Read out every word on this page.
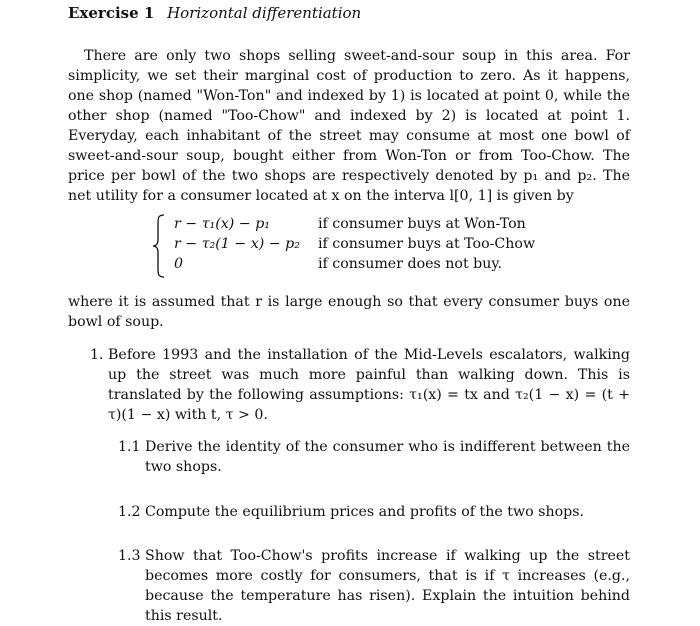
Exercise 1 Horizontal differentiation
There are only two shops selling sweet-and-sour soup in this area. For simplicity, we set their marginal cost of production to zero. As it happens, one shop (named "Won-Ton" and indexed by 1) is located at point 0, while the other shop (named "Too-Chow" and indexed by 2) is located at point 1. Everyday, each inhabitant of the street may consume at most one bowl of sweet-and-sour soup, bought either from Won-Ton or from Too-Chow. The price per bowl of the two shops are respectively denoted by p₁ and p₂. The net utility for a consumer located at x on the interva l[0, 1] is given by
r − τ₁(x) − p₁	if consumer buys at Won-Ton
r − τ₂(1 − x) − p₂ if consumer buys at Too-Chow
0	if consumer does not buy.
where it is assumed that r is large enough so that every consumer buys one bowl of soup.
1. Before 1993 and the installation of the Mid-Levels escalators, walking up the street was much more painful than walking down. This is translated by the following assumptions: τ₁(x) = tx and τ₂(1 − x) = (t + τ)(1 − x) with t, τ > 0.
1.1 Derive the identity of the consumer who is indifferent between the two shops.
1.2 Compute the equilibrium prices and profits of the two shops.
1.3 Show that Too-Chow's profits increase if walking up the street becomes more costly for consumers, that is if τ increases (e.g., because the temperature has risen). Explain the intuition behind this result.
